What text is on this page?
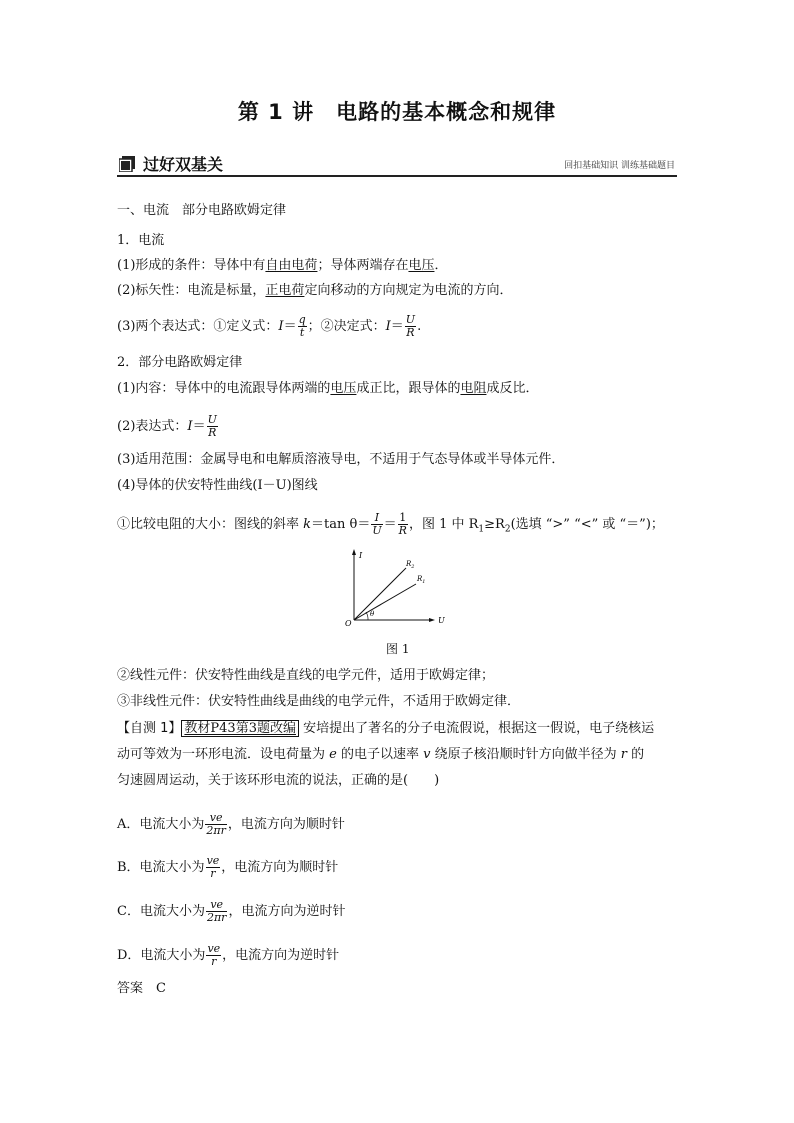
第 1 讲　电路的基本概念和规律
过好双基关	回扣基础知识 训练基础题目
一、电流　部分电路欧姆定律
1．电流
(1)形成的条件：导体中有自由电荷；导体两端存在电压．
(2)标矢性：电流是标量，正电荷定向移动的方向规定为电流的方向．
(3)两个表达式：①定义式：$I= \frac{q}{t}$ ；②决定式：$I= \frac{U}{R}$ .
2．部分电路欧姆定律
(1)内容：导体中的电流跟导体两端的电压成正比，跟导体的电阻成反比．
(2)表达式：$I= \frac{U}{R}$
(3)适用范围：金属导电和电解质溶液导电，不适用于气态导体或半导体元件．
(4)导体的伏安特性曲线(I－U)图线
①比较电阻的大小：图线的斜率 k＝tan $\theta= \frac{I}{U} = \frac{1}{R}$ ，图 1 中 $R_1\ge R_2$(选填 “>” “<” 或 “＝”)；
I
U
O
θ
$R_2$
$R_1$
图 1
②线性元件：伏安特性曲线是直线的电学元件，适用于欧姆定律；
③非线性元件：伏安特性曲线是曲线的电学元件，不适用于欧姆定律．
【自测 1】 教材P43第3题改编 安培提出了著名的分子电流假说，根据这一假说，电子绕核运
动可等效为一环形电流．设电荷量为 e 的电子以速率 v 绕原子核沿顺时针方向做半径为 r 的
匀速圆周运动，关于该环形电流的说法，正确的是(　　)
A．电流大小为 $\frac{ve}{2\pi r}$ ，电流方向为顺时针
B．电流大小为 $\frac{ve}{r}$ ，电流方向为顺时针
C．电流大小为 $\frac{ve}{2\pi r}$ ，电流方向为逆时针
D．电流大小为 $\frac{ve}{r}$ ，电流方向为逆时针
答案　C
